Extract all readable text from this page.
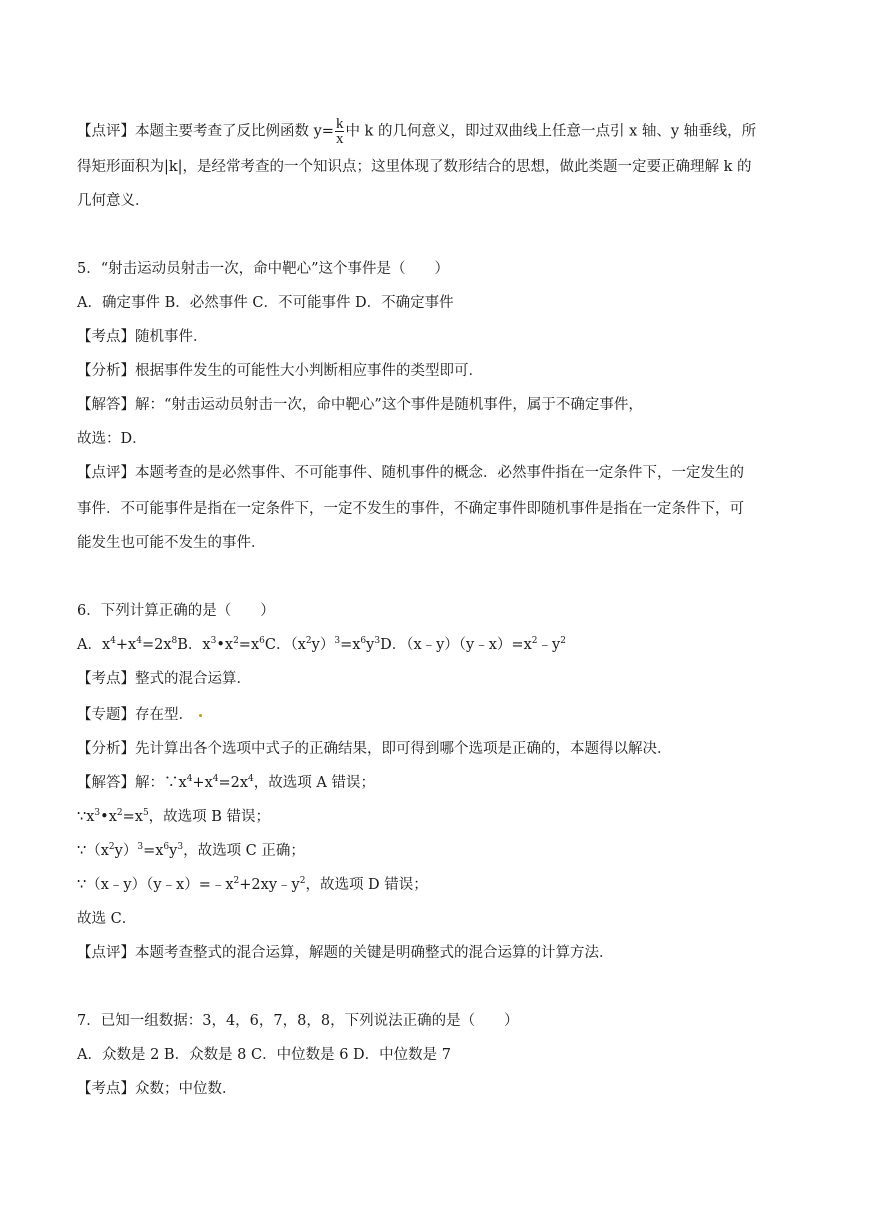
【点评】本题主要考查了反比例函数 $y= \frac{k}{x}$ 中 k 的几何意义，即过双曲线上任意一点引 x 轴、y 轴垂线，所
得矩形面积为|k|，是经常考查的一个知识点；这里体现了数形结合的思想，做此类题一定要正确理解 k 的
几何意义．
5．“射击运动员射击一次，命中靶心”这个事件是（　　）
A．确定事件 B．必然事件 C．不可能事件 D．不确定事件
【考点】随机事件．
【分析】根据事件发生的可能性大小判断相应事件的类型即可．
【解答】解：“射击运动员射击一次，命中靶心”这个事件是随机事件，属于不确定事件，
故选：D．
【点评】本题考查的是必然事件、不可能事件、随机事件的概念．必然事件指在一定条件下，一定发生的
事件．不可能事件是指在一定条件下，一定不发生的事件，不确定事件即随机事件是指在一定条件下，可
能发生也可能不发生的事件．
6．下列计算正确的是（　　）
A．$x^4+x^4=2x^8B$．$x^3•x^2=x^6C$．$(x^2y)^3=x^6y^3D$．$(x﹣y)(y﹣x)=x^2﹣y^2$
【考点】整式的混合运算．
【专题】存在型．
【分析】先计算出各个选项中式子的正确结果，即可得到哪个选项是正确的，本题得以解决．
【解答】解：$\because x^4+x^4=2x^4$，故选项 A 错误；
$\because x^3•x^2=x^5$，故选项 B 错误；
$\because(x^2y)^3=x^6y^3$，故选项 C 正确；
$\because(x﹣y)(y﹣x)=﹣x^2+2xy﹣y^2$，故选项 D 错误；
故选 C．
【点评】本题考查整式的混合运算，解题的关键是明确整式的混合运算的计算方法．
7．已知一组数据：3，4，6，7，8，8，下列说法正确的是（　　）
A．众数是 2 B．众数是 8 C．中位数是 6 D．中位数是 7
【考点】众数；中位数．
